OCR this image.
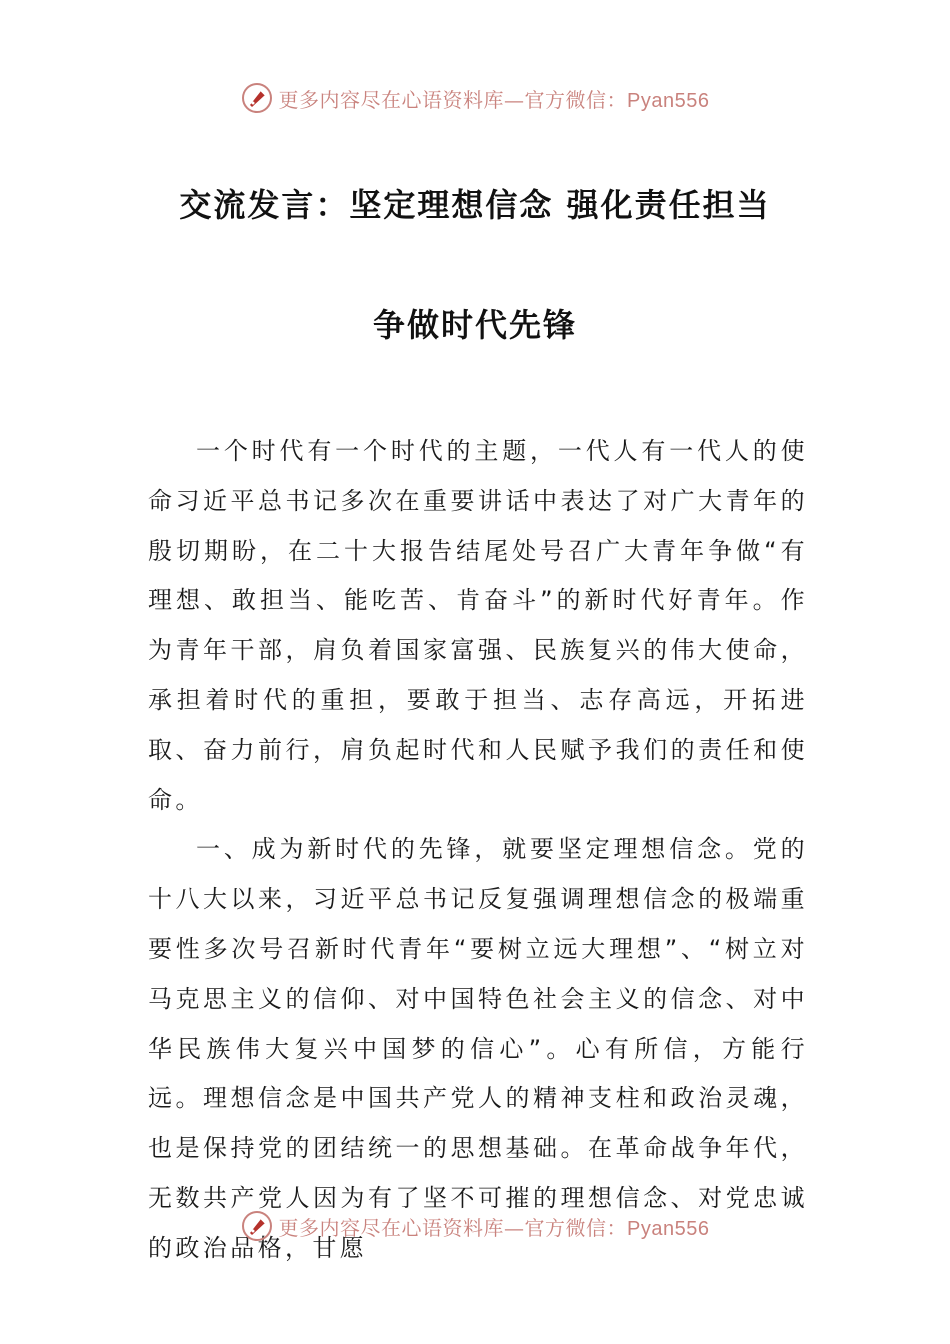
更多内容尽在心语资料库—官方微信：Pyan556
交流发言：坚定理想信念 强化责任担当
争做时代先锋

一个时代有一个时代的主题，一代人有一代人的使命习近平总书记多次在重要讲话中表达了对广大青年的殷切期盼，在二十大报告结尾处号召广大青年争做“有理想、敢担当、能吃苦、肯奋斗”的新时代好青年。作为青年干部，肩负着国家富强、民族复兴的伟大使命，承担着时代的重担，要敢于担当、志存高远，开拓进取、奋力前行，肩负起时代和人民赋予我们的责任和使命。

一、成为新时代的先锋，就要坚定理想信念。党的十八大以来，习近平总书记反复强调理想信念的极端重要性多次号召新时代青年“要树立远大理想”、“树立对马克思主义的信仰、对中国特色社会主义的信念、对中华民族伟大复兴中国梦的信心”。心有所信，方能行远。理想信念是中国共产党人的精神支柱和政治灵魂，也是保持党的团结统一的思想基础。在革命战争年代，无数共产党人因为有了坚不可摧的理想信念、对党忠诚的政治品格，甘愿

更多内容尽在心语资料库—官方微信：Pyan556
